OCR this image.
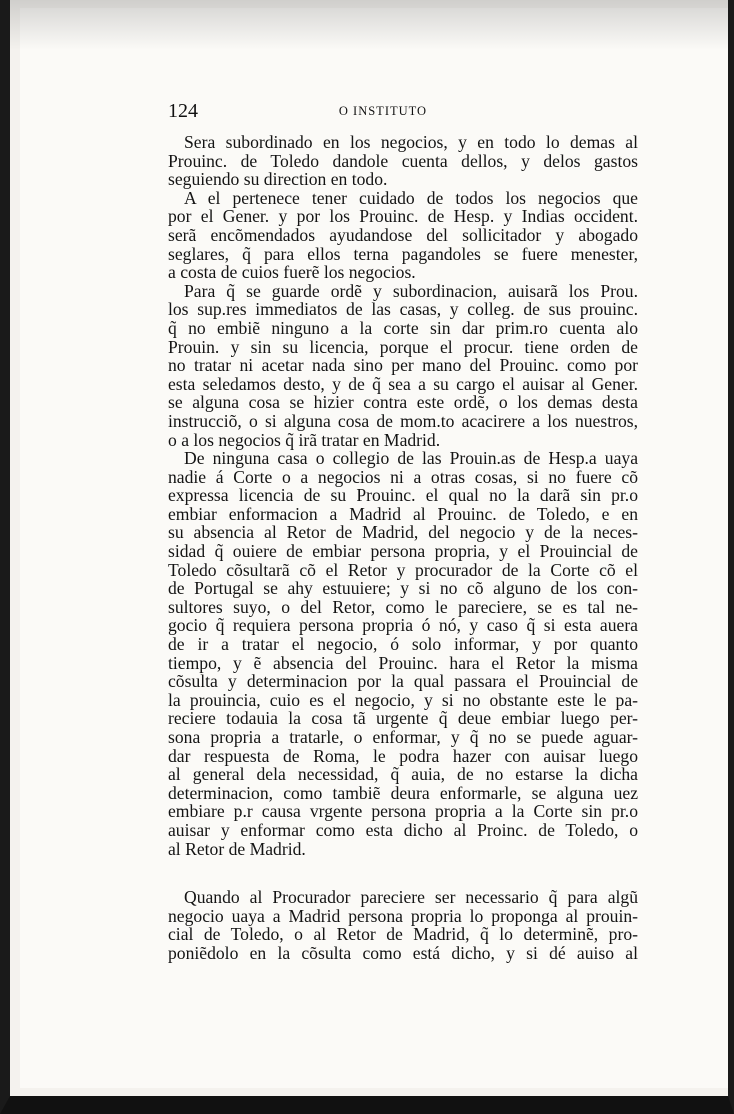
124	O INSTITUTO
Sera subordinado en los negocios, y en todo lo demas al
Prouinc. de Toledo dandole cuenta dellos, y delos gastos
seguiendo su direction en todo.
A el pertenece tener cuidado de todos los negocios que
por el Gener. y por los Prouinc. de Hesp. y Indias occident.
serã encõmendados ayudandose del sollicitador y abogado
seglares, q̃ para ellos terna pagandoles se fuere menester,
a costa de cuios fuerẽ los negocios.
Para q̃ se guarde ordẽ y subordinacion, auisarã los Prou.
los sup.res immediatos de las casas, y colleg. de sus prouinc.
q̃ no embiẽ ninguno a la corte sin dar prim.ro cuenta alo
Prouin. y sin su licencia, porque el procur. tiene orden de
no tratar ni acetar nada sino per mano del Prouinc. como por
esta seledamos desto, y de q̃ sea a su cargo el auisar al Gener.
se alguna cosa se hizier contra este ordẽ, o los demas desta
instrucciõ, o si alguna cosa de mom.to acacirere a los nuestros,
o a los negocios q̃ irã tratar en Madrid.
De ninguna casa o collegio de las Prouin.as de Hesp.a uaya
nadie á Corte o a negocios ni a otras cosas, si no fuere cõ
expressa licencia de su Prouinc. el qual no la darã sin pr.o
embiar enformacion a Madrid al Prouinc. de Toledo, e en
su absencia al Retor de Madrid, del negocio y de la neces-
sidad q̃ ouiere de embiar persona propria, y el Prouincial de
Toledo cõsultarã cõ el Retor y procurador de la Corte cõ el
de Portugal se ahy estuuiere; y si no cõ alguno de los con-
sultores suyo, o del Retor, como le pareciere, se es tal ne-
gocio q̃ requiera persona propria ó nó, y caso q̃ si esta auera
de ir a tratar el negocio, ó solo informar, y por quanto
tiempo, y ẽ absencia del Prouinc. hara el Retor la misma
cõsulta y determinacion por la qual passara el Prouincial de
la prouincia, cuio es el negocio, y si no obstante este le pa-
reciere todauia la cosa tã urgente q̃ deue embiar luego per-
sona propria a tratarle, o enformar, y q̃ no se puede aguar-
dar respuesta de Roma, le podra hazer con auisar luego
al general dela necessidad, q̃ auia, de no estarse la dicha
determinacion, como tambiẽ deura enformarle, se alguna uez
embiare p.r causa vrgente persona propria a la Corte sin pr.o
auisar y enformar como esta dicho al Proinc. de Toledo, o
al Retor de Madrid.
Quando al Procurador pareciere ser necessario q̃ para algũ
negocio uaya a Madrid persona propria lo proponga al prouin-
cial de Toledo, o al Retor de Madrid, q̃ lo determinẽ, pro-
poniẽdolo en la cõsulta como está dicho, y si dé auiso al
